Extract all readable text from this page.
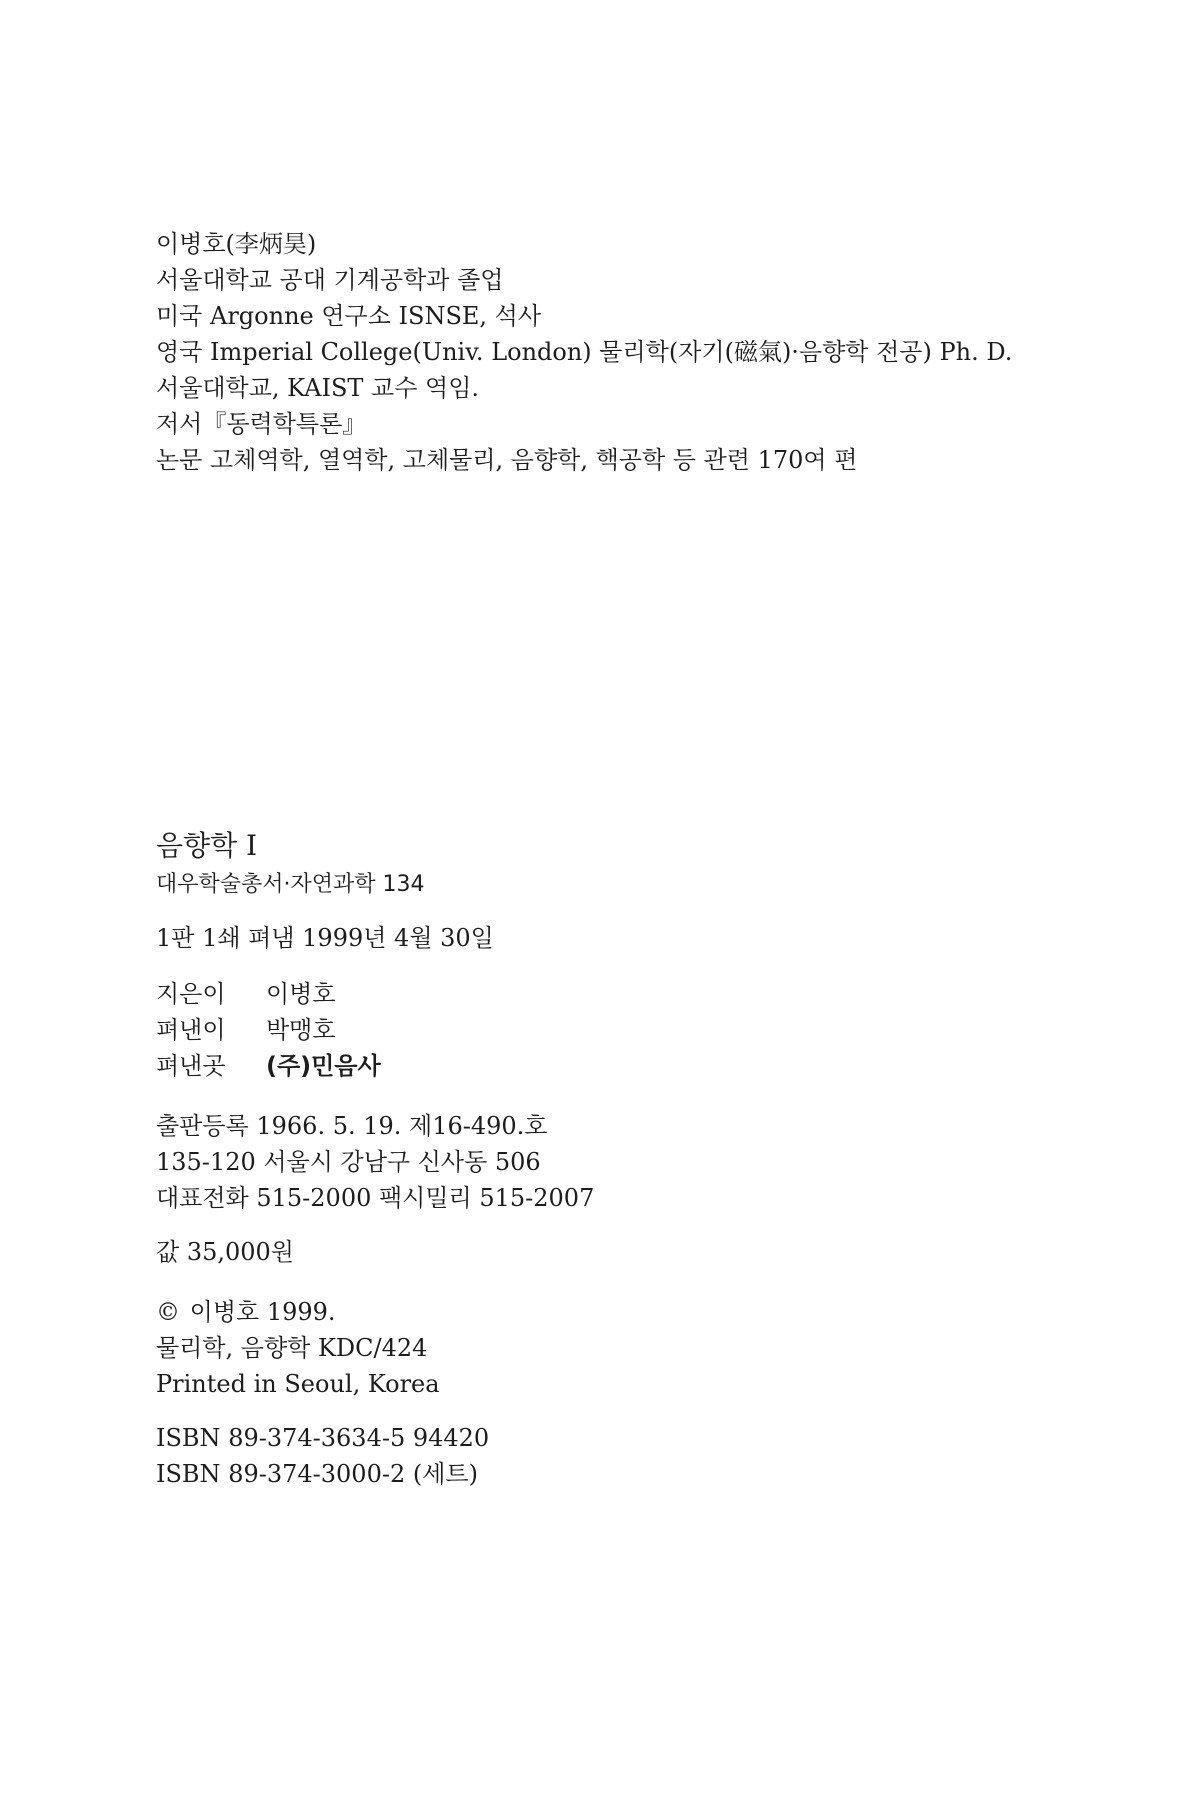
이병호(李炳昊)
서울대학교 공대 기계공학과 졸업
미국 Argonne 연구소 ISNSE, 석사
영국 Imperial College(Univ. London) 물리학(자기(磁氣)·음향학 전공) Ph. D.
서울대학교, KAIST 교수 역임.
저서『동력학특론』
논문 고체역학, 열역학, 고체물리, 음향학, 핵공학 등 관련 170여 편
음향학 I
대우학술총서·자연과학 134
1판 1쇄 펴냄 1999년 4월 30일
지은이	이병호
펴낸이	박맹호
펴낸곳	(주)민음사
출판등록 1966. 5. 19. 제16-490.호
135-120 서울시 강남구 신사동 506
대표전화 515-2000 팩시밀리 515-2007
값 35,000원
© 이병호 1999.
물리학, 음향학 KDC/424
Printed in Seoul, Korea
ISBN 89-374-3634-5 94420
ISBN 89-374-3000-2 (세트)
